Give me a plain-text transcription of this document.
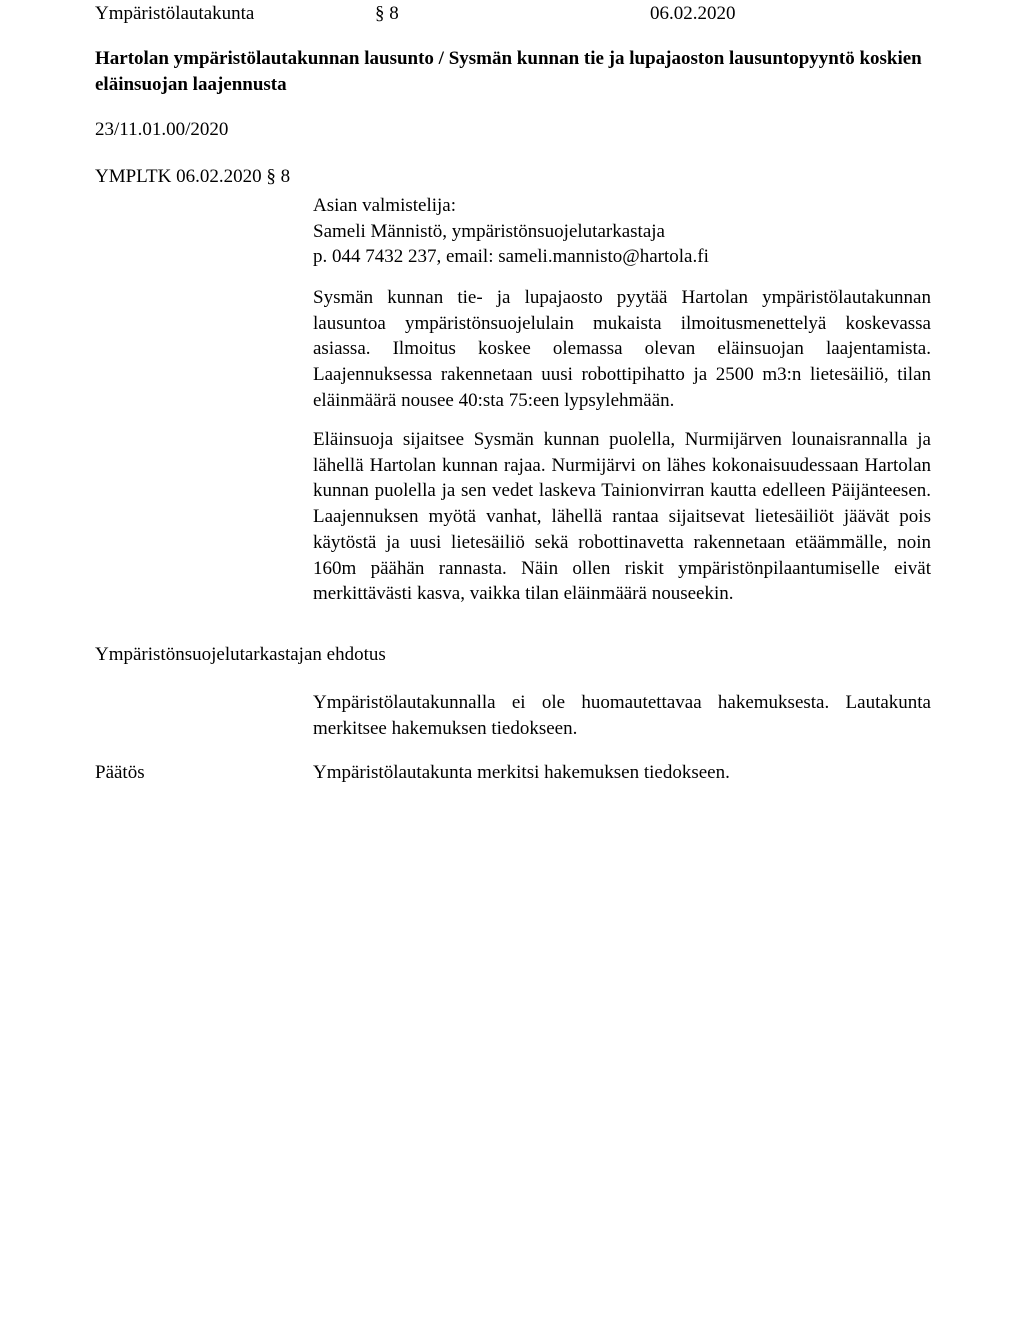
Ympäristölautakunta	§ 8	06.02.2020
Hartolan ympäristölautakunnan lausunto / Sysmän kunnan tie ja lupajaoston lausuntopyyntö koskien eläinsuojan laajennusta
23/11.01.00/2020
YMPLTK 06.02.2020 § 8
Asian valmistelija:
Sameli Männistö, ympäristönsuojelutarkastaja
p. 044 7432 237, email: sameli.mannisto@hartola.fi
Sysmän kunnan tie- ja lupajaosto pyytää Hartolan ympäristölautakunnan lausuntoa ympäristönsuojelulain mukaista ilmoitusmenettelyä koskevassa asiassa. Ilmoitus koskee olemassa olevan eläinsuojan laajentamista. Laajennuksessa rakennetaan uusi robottipihatto ja 2500 m3:n lietesäiliö, tilan eläinmäärä nousee 40:sta 75:een lypsylehmään.
Eläinsuoja sijaitsee Sysmän kunnan puolella, Nurmijärven lounaisrannalla ja lähellä Hartolan kunnan rajaa. Nurmijärvi on lähes kokonaisuudessaan Hartolan kunnan puolella ja sen vedet laskeva Tainionvirran kautta edelleen Päijänteesen. Laajennuksen myötä vanhat, lähellä rantaa sijaitsevat lietesäiliöt jäävät pois käytöstä ja uusi lietesäiliö sekä robottinavetta rakennetaan etäämmälle, noin 160m päähän rannasta. Näin ollen riskit ympäristönpilaantumiselle eivät merkittävästi kasva, vaikka tilan eläinmäärä nouseekin.
Ympäristönsuojelutarkastajan ehdotus
Ympäristölautakunnalla ei ole huomautettavaa hakemuksesta. Lautakunta merkitsee hakemuksen tiedokseen.
Päätös	Ympäristölautakunta merkitsi hakemuksen tiedokseen.
